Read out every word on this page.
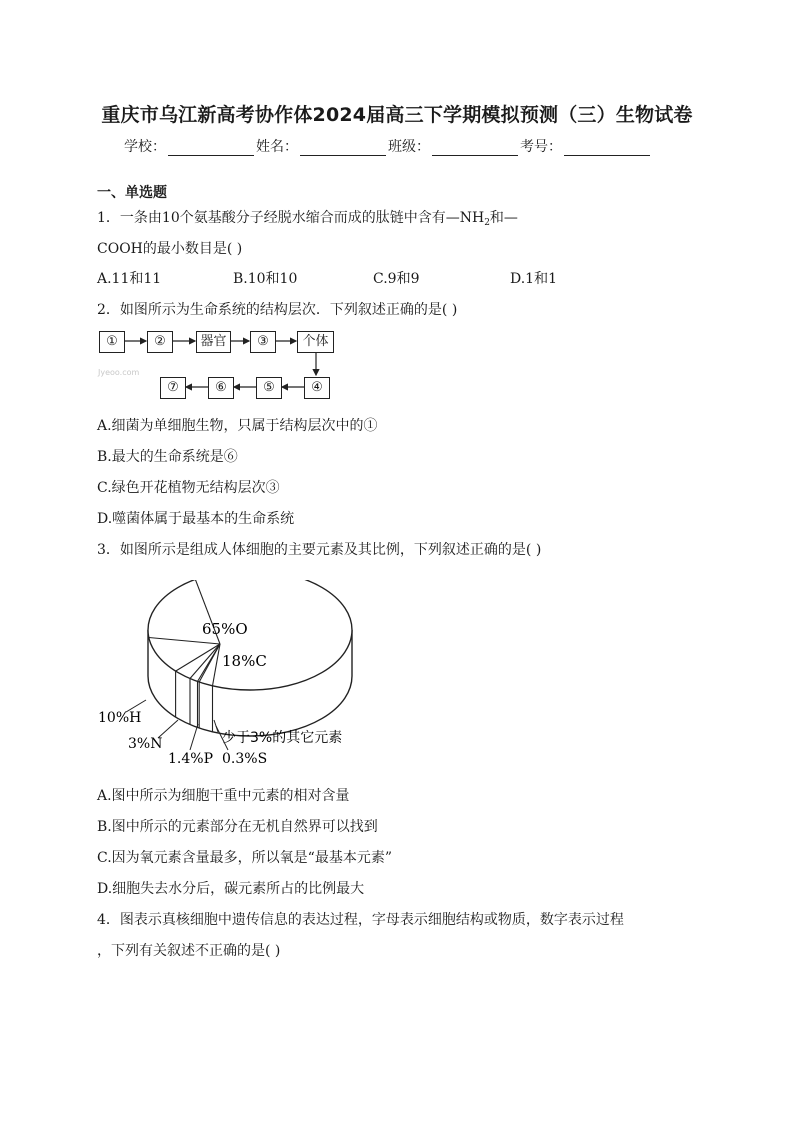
重庆市乌江新高考协作体2024届高三下学期模拟预测（三）生物试卷
学校：	姓名：	班级：	考号：
一、单选题
1．一条由10个氨基酸分子经脱水缩合而成的肽链中含有$—NH_2$和—
COOH的最小数目是( )
A.11和11	B.10和10	C.9和9	D.1和1
2．如图所示为生命系统的结构层次．下列叙述正确的是( )
①	②	器官	③	个体
⑦	⑥	⑤	④
Jyeoo.com
A.细菌为单细胞生物，只属于结构层次中的①
B.最大的生命系统是⑥
C.绿色开花植物无结构层次③
D.噬菌体属于最基本的生命系统
3．如图所示是组成人体细胞的主要元素及其比例，下列叙述正确的是( )
65%O
18%C
10%H
3%N
1.4%P 0.3%S
少于3%的其它元素
A.图中所示为细胞干重中元素的相对含量
B.图中所示的元素部分在无机自然界可以找到
C.因为氧元素含量最多，所以氧是“最基本元素”
D.细胞失去水分后，碳元素所占的比例最大
4．图表示真核细胞中遗传信息的表达过程，字母表示细胞结构或物质，数字表示过程
，下列有关叙述不正确的是( )
